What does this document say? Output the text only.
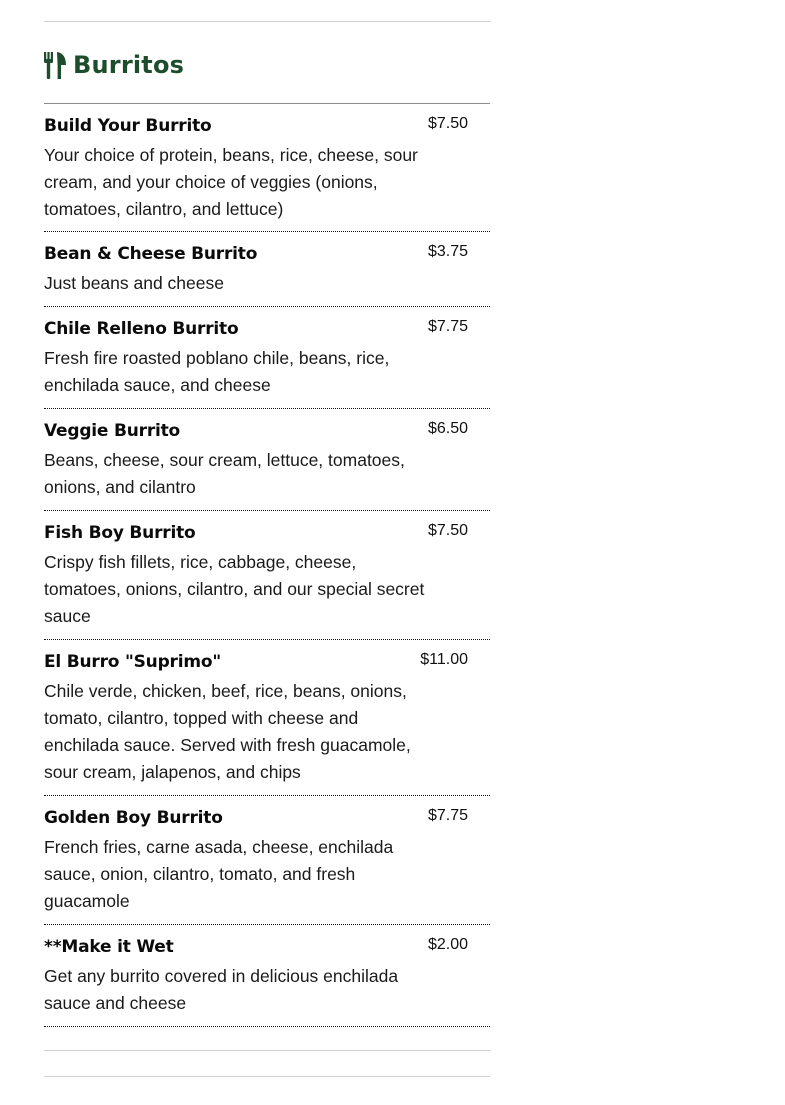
Burritos
Build Your Burrito	$7.50
Your choice of protein, beans, rice, cheese, sour cream, and your choice of veggies (onions, tomatoes, cilantro, and lettuce)
Bean & Cheese Burrito	$3.75
Just beans and cheese
Chile Relleno Burrito	$7.75
Fresh fire roasted poblano chile, beans, rice, enchilada sauce, and cheese
Veggie Burrito	$6.50
Beans, cheese, sour cream, lettuce, tomatoes, onions, and cilantro
Fish Boy Burrito	$7.50
Crispy fish fillets, rice, cabbage, cheese, tomatoes, onions, cilantro, and our special secret sauce
El Burro "Suprimo"	$11.00
Chile verde, chicken, beef, rice, beans, onions, tomato, cilantro, topped with cheese and enchilada sauce. Served with fresh guacamole, sour cream, jalapenos, and chips
Golden Boy Burrito	$7.75
French fries, carne asada, cheese, enchilada sauce, onion, cilantro, tomato, and fresh guacamole
**Make it Wet	$2.00
Get any burrito covered in delicious enchilada sauce and cheese
